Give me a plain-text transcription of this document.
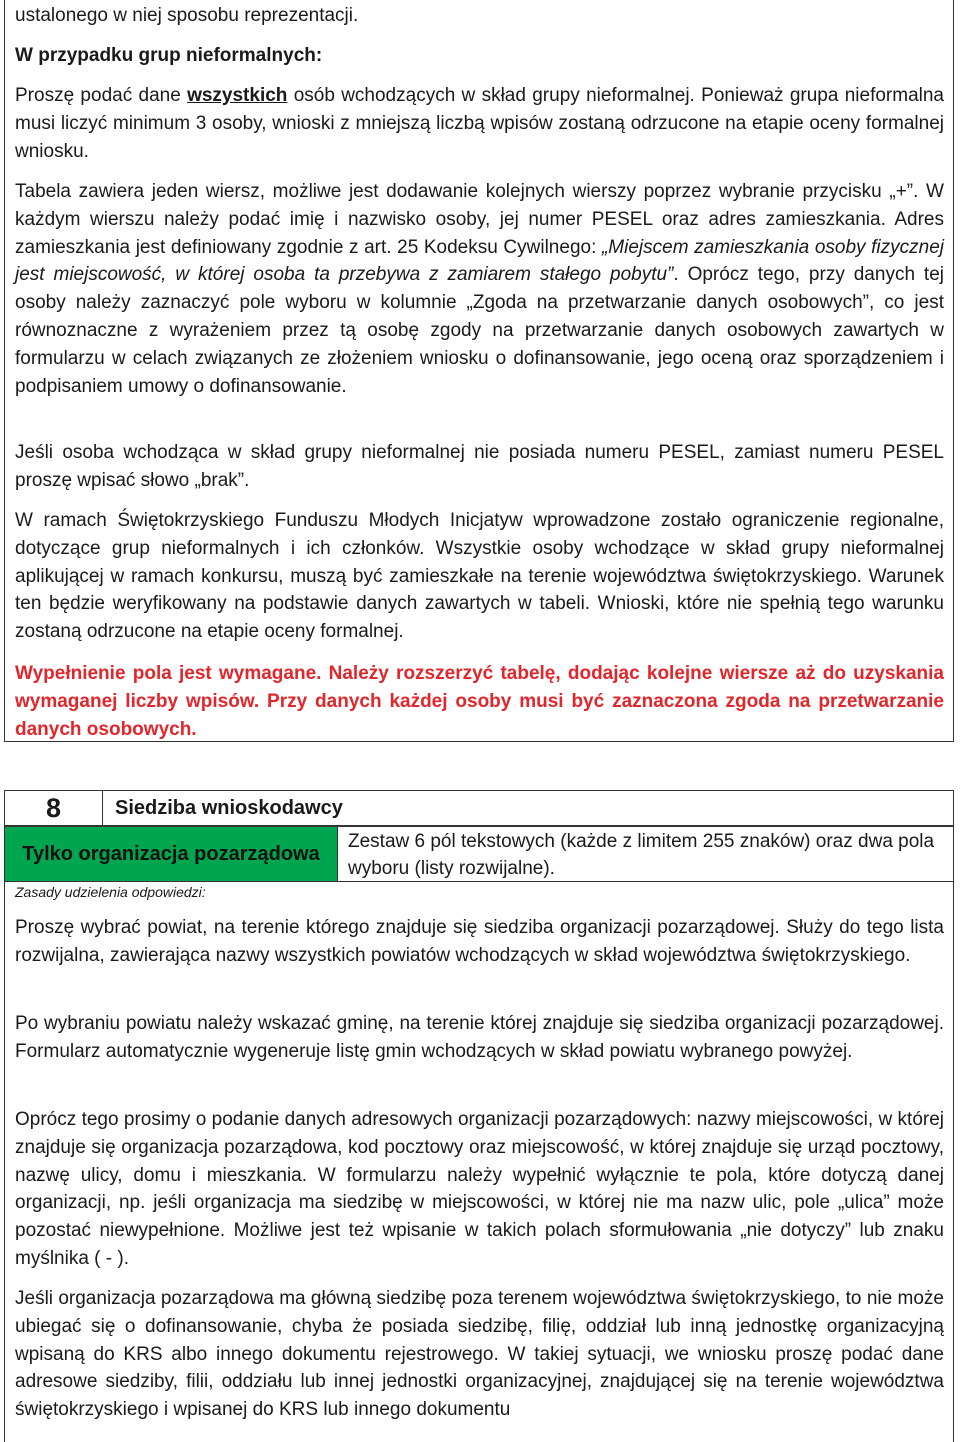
ustalonego w niej sposobu reprezentacji.

W przypadku grup nieformalnych:

Proszę podać dane wszystkich osób wchodzących w skład grupy nieformalnej. Ponieważ grupa nieformalna musi liczyć minimum 3 osoby, wnioski z mniejszą liczbą wpisów zostaną odrzucone na etapie oceny formalnej wniosku.

Tabela zawiera jeden wiersz, możliwe jest dodawanie kolejnych wierszy poprzez wybranie przycisku „+”. W każdym wierszu należy podać imię i nazwisko osoby, jej numer PESEL oraz adres zamieszkania. Adres zamieszkania jest definiowany zgodnie z art. 25 Kodeksu Cywilnego: „Miejscem zamieszkania osoby fizycznej jest miejscowość, w której osoba ta przebywa z zamiarem stałego pobytu”. Oprócz tego, przy danych tej osoby należy zaznaczyć pole wyboru w kolumnie „Zgoda na przetwarzanie danych osobowych”, co jest równoznaczne z wyrażeniem przez tą osobę zgody na przetwarzanie danych osobowych zawartych w formularzu w celach związanych ze złożeniem wniosku o dofinansowanie, jego oceną oraz sporządzeniem i podpisaniem umowy o dofinansowanie.

Jeśli osoba wchodząca w skład grupy nieformalnej nie posiada numeru PESEL, zamiast numeru PESEL proszę wpisać słowo „brak”.

W ramach Świętokrzyskiego Funduszu Młodych Inicjatyw wprowadzone zostało ograniczenie regionalne, dotyczące grup nieformalnych i ich członków. Wszystkie osoby wchodzące w skład grupy nieformalnej aplikującej w ramach konkursu, muszą być zamieszkałe na terenie województwa świętokrzyskiego. Warunek ten będzie weryfikowany na podstawie danych zawartych w tabeli. Wnioski, które nie spełnią tego warunku zostaną odrzucone na etapie oceny formalnej.

Wypełnienie pola jest wymagane. Należy rozszerzyć tabelę, dodając kolejne wiersze aż do uzyskania wymaganej liczby wpisów. Przy danych każdej osoby musi być zaznaczona zgoda na przetwarzanie danych osobowych.

8	Siedziba wnioskodawcy
Tylko organizacja pozarządowa
Zestaw 6 pól tekstowych (każde z limitem 255 znaków) oraz dwa pola wyboru (listy rozwijalne).
Zasady udzielenia odpowiedzi:

Proszę wybrać powiat, na terenie którego znajduje się siedziba organizacji pozarządowej. Służy do tego lista rozwijalna, zawierająca nazwy wszystkich powiatów wchodzących w skład województwa świętokrzyskiego.

Po wybraniu powiatu należy wskazać gminę, na terenie której znajduje się siedziba organizacji pozarządowej. Formularz automatycznie wygeneruje listę gmin wchodzących w skład powiatu wybranego powyżej.

Oprócz tego prosimy o podanie danych adresowych organizacji pozarządowych: nazwy miejscowości, w której znajduje się organizacja pozarządowa, kod pocztowy oraz miejscowość, w której znajduje się urząd pocztowy, nazwę ulicy, domu i mieszkania. W formularzu należy wypełnić wyłącznie te pola, które dotyczą danej organizacji, np. jeśli organizacja ma siedzibę w miejscowości, w której nie ma nazw ulic, pole „ulica” może pozostać niewypełnione. Możliwe jest też wpisanie w takich polach sformułowania „nie dotyczy” lub znaku myślnika ( - ).

Jeśli organizacja pozarządowa ma główną siedzibę poza terenem województwa świętokrzyskiego, to nie może ubiegać się o dofinansowanie, chyba że posiada siedzibę, filię, oddział lub inną jednostkę organizacyjną wpisaną do KRS albo innego dokumentu rejestrowego. W takiej sytuacji, we wniosku proszę podać dane adresowe siedziby, filii, oddziału lub innej jednostki organizacyjnej, znajdującej się na terenie województwa świętokrzyskiego i wpisanej do KRS lub innego dokumentu
